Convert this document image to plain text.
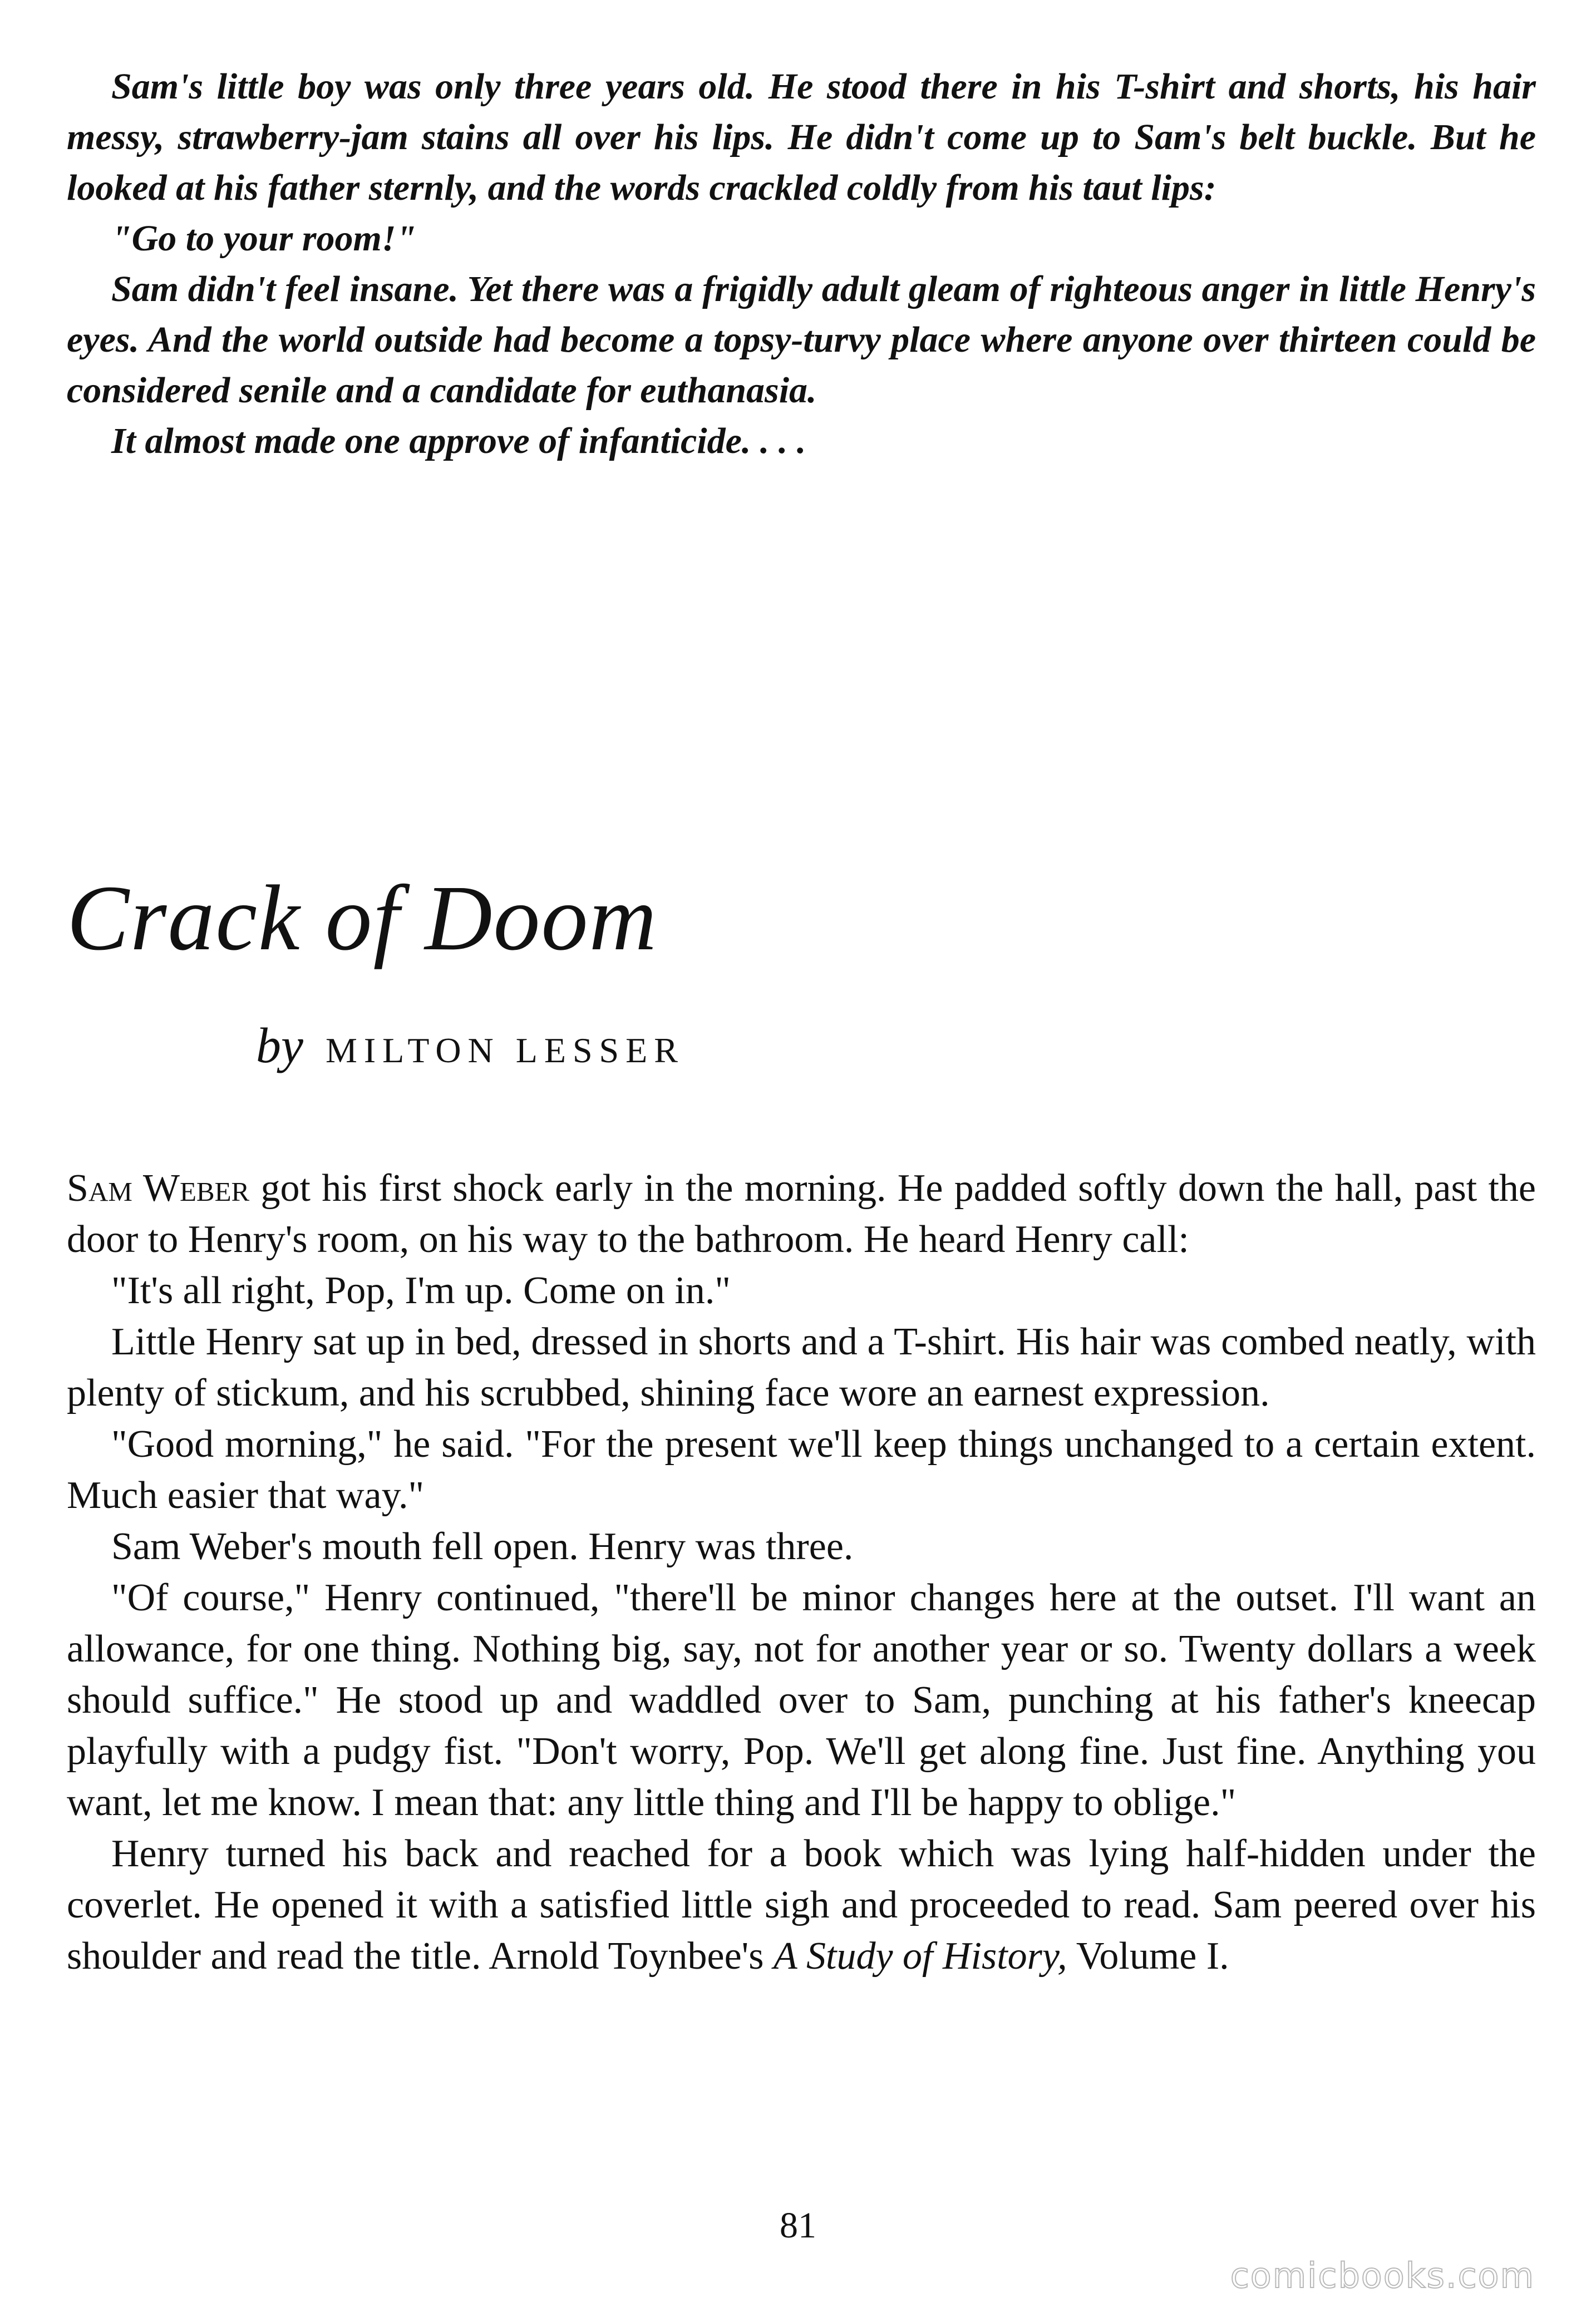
Sam's little boy was only three years old. He stood there in his T-shirt and shorts, his hair messy, strawberry-jam stains all over his lips. He didn't come up to Sam's belt buckle. But he looked at his father sternly, and the words crackled coldly from his taut lips:

"Go to your room!"

Sam didn't feel insane. Yet there was a frigidly adult gleam of righteous anger in little Henry's eyes. And the world outside had become a topsy-turvy place where anyone over thirteen could be considered senile and a candidate for euthanasia.

It almost made one approve of infanticide. . . .

Crack of Doom
by MILTON LESSER

Sam Weber got his first shock early in the morning. He padded softly down the hall, past the door to Henry's room, on his way to the bathroom. He heard Henry call:

"It's all right, Pop, I'm up. Come on in."

Little Henry sat up in bed, dressed in shorts and a T-shirt. His hair was combed neatly, with plenty of stickum, and his scrubbed, shining face wore an earnest expression.

"Good morning," he said. "For the present we'll keep things unchanged to a certain extent. Much easier that way."

Sam Weber's mouth fell open. Henry was three.

"Of course," Henry continued, "there'll be minor changes here at the outset. I'll want an allowance, for one thing. Nothing big, say, not for another year or so. Twenty dollars a week should suffice." He stood up and waddled over to Sam, punching at his father's kneecap playfully with a pudgy fist. "Don't worry, Pop. We'll get along fine. Just fine. Anything you want, let me know. I mean that: any little thing and I'll be happy to oblige."

Henry turned his back and reached for a book which was lying half-hidden under the coverlet. He opened it with a satisfied little sigh and proceeded to read. Sam peered over his shoulder and read the title. Arnold Toynbee's A Study of History, Volume I.

81
comicbooks.com
